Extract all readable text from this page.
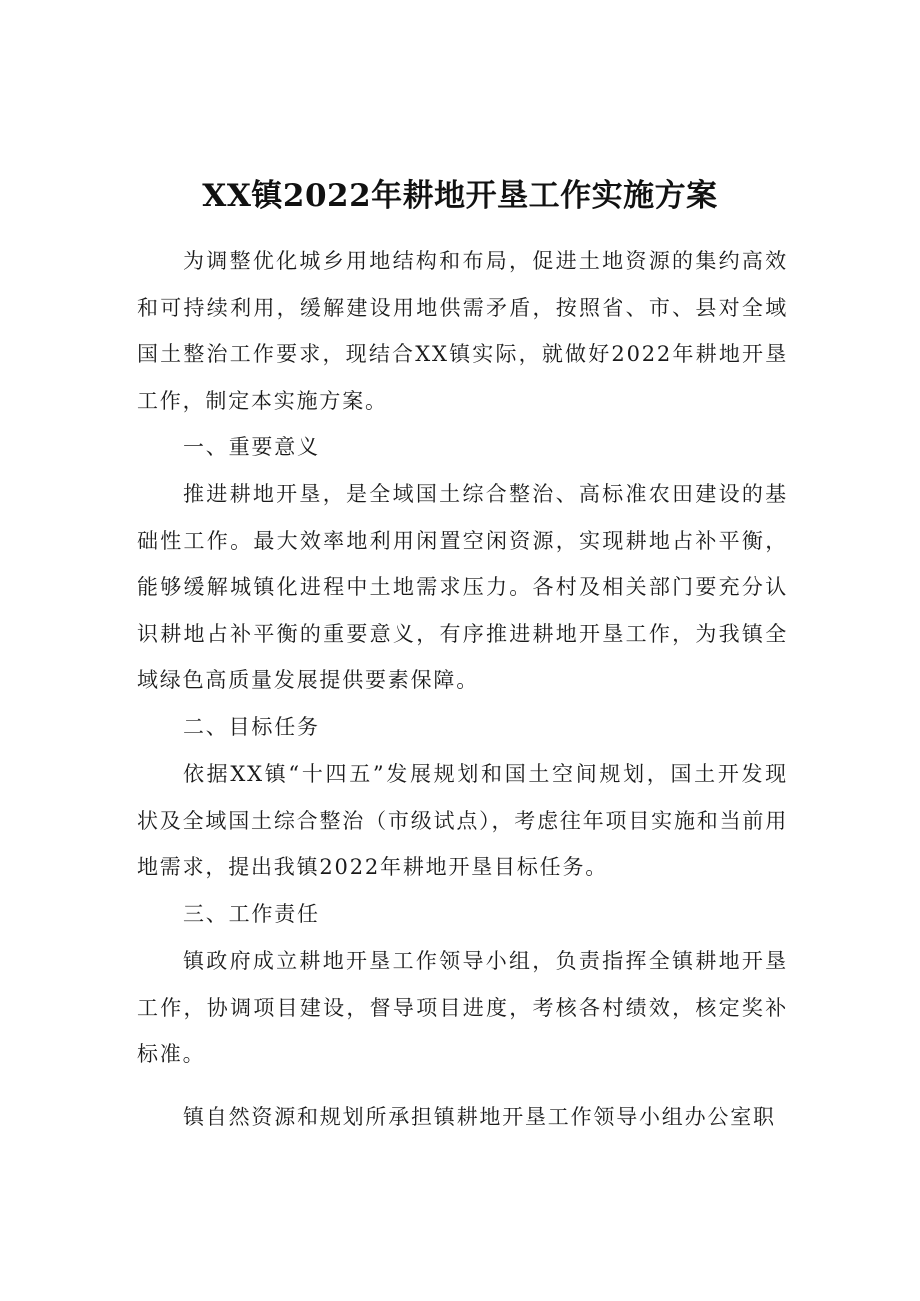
XX镇2022年耕地开垦工作实施方案

为调整优化城乡用地结构和布局，促进土地资源的集约高效和可持续利用，缓解建设用地供需矛盾，按照省、市、县对全域国土整治工作要求，现结合XX镇实际，就做好2022年耕地开垦工作，制定本实施方案。

一、重要意义

推进耕地开垦，是全域国土综合整治、高标准农田建设的基础性工作。最大效率地利用闲置空闲资源，实现耕地占补平衡，能够缓解城镇化进程中土地需求压力。各村及相关部门要充分认识耕地占补平衡的重要意义，有序推进耕地开垦工作，为我镇全域绿色高质量发展提供要素保障。

二、目标任务

依据XX镇“十四五”发展规划和国土空间规划，国土开发现状及全域国土综合整治（市级试点），考虑往年项目实施和当前用地需求，提出我镇2022年耕地开垦目标任务。

三、工作责任

镇政府成立耕地开垦工作领导小组，负责指挥全镇耕地开垦工作，协调项目建设，督导项目进度，考核各村绩效，核定奖补标准。

镇自然资源和规划所承担镇耕地开垦工作领导小组办公室职
